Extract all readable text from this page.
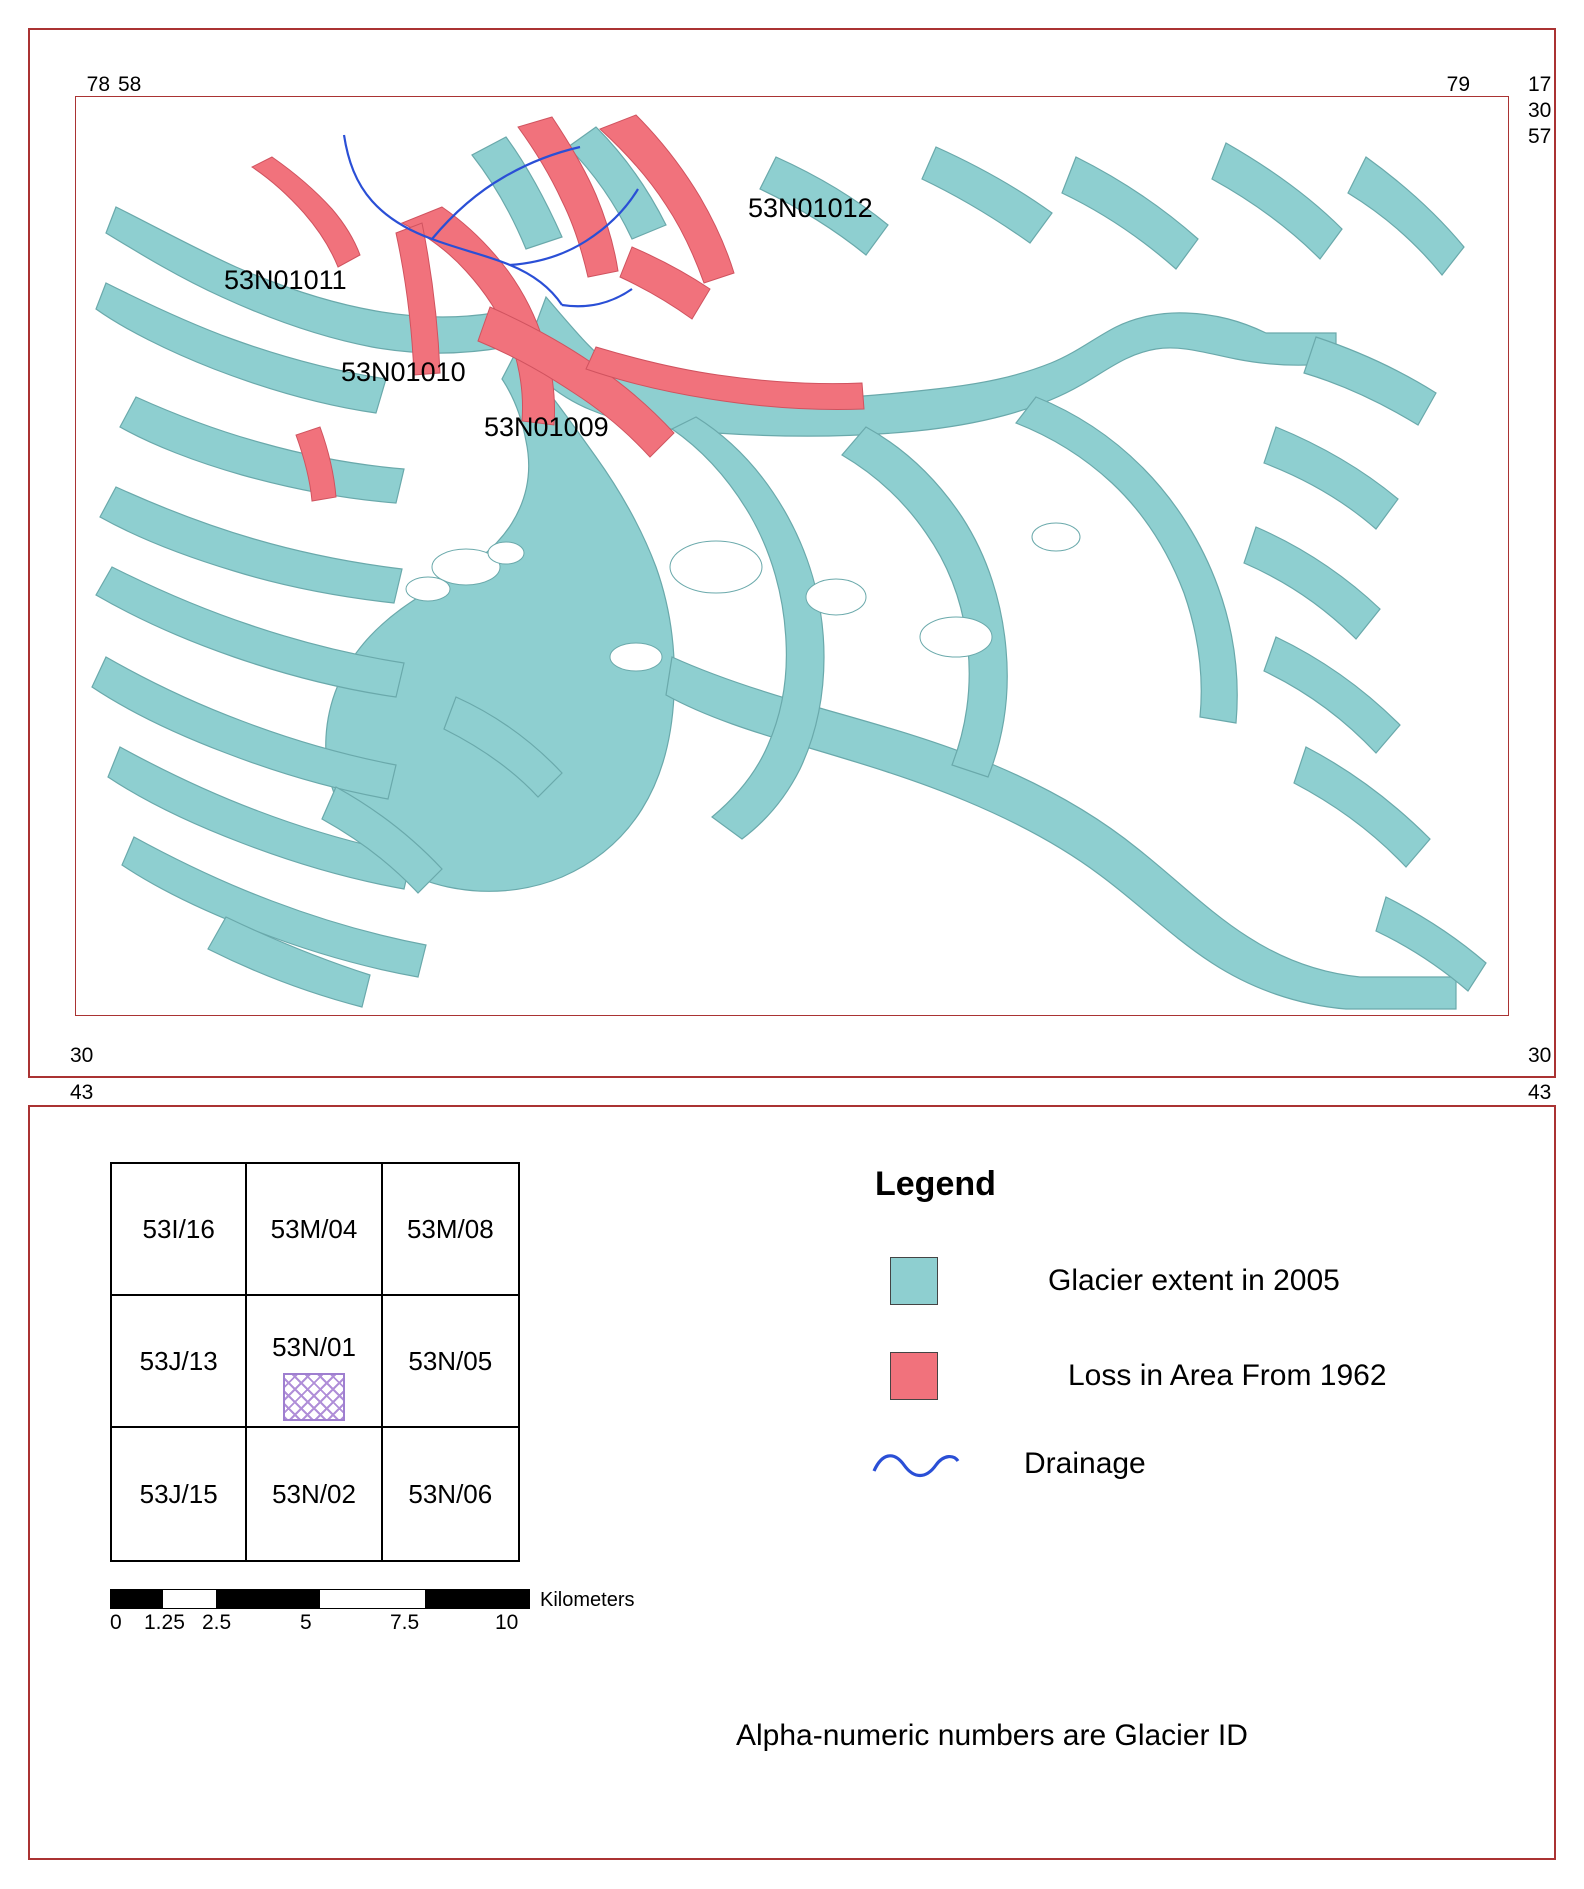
78 58	79	17
30
57
30
43
30
43
53N01012
53N01011
53N01010
53N01009
53I/16 53M/04 53M/08
53J/13 53N/01 53N/05
53J/15 53N/02 53N/06
Kilometers
0 1.25 2.5	5	7.5	10
Legend
Glacier extent in 2005
Loss in Area From 1962
Drainage
Alpha-numeric numbers are Glacier ID
